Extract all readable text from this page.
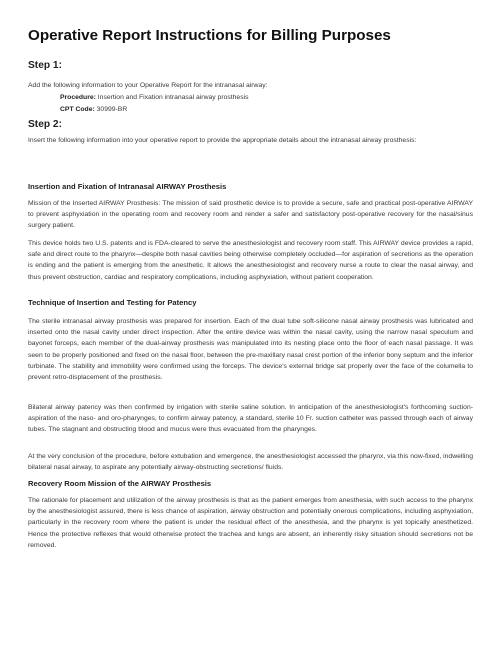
Operative Report Instructions for Billing Purposes
Step 1:
Add the following information to your Operative Report for the intranasal airway:
Procedure: Insertion and Fixation intranasal airway prosthesis
CPT Code: 30999-BR
Step 2:
Insert the following information into your operative report to provide the appropriate details about the intranasal airway prosthesis:
Insertion and Fixation of Intranasal AIRWAY Prosthesis
Mission of the Inserted AIRWAY Prosthesis: The mission of said prosthetic device is to provide a secure, safe and practical post-operative AIRWAY to prevent asphyxiation in the operating room and recovery room and render a safer and satisfactory post-operative recovery for the nasal/sinus surgery patient.
This device holds two U.S. patents and is FDA-cleared to serve the anesthesiologist and recovery room staff. This AIRWAY device provides a rapid, safe and direct route to the pharynx—despite both nasal cavities being otherwise completely occluded—for aspiration of secretions as the operation is ending and the patient is emerging from the anesthetic. It allows the anesthesiologist and recovery nurse a route to clear the nasal airway, and thus prevent obstruction, cardiac and respiratory complications, including asphyxiation, without patient cooperation.
Technique of Insertion and Testing for Patency
The sterile intranasal airway prosthesis was prepared for insertion. Each of the dual tube soft-silicone nasal airway prosthesis was lubricated and inserted onto the nasal cavity under direct inspection. After the entire device was within the nasal cavity, using the narrow nasal speculum and bayonet forceps, each member of the dual-airway prosthesis was manipulated into its nesting place onto the floor of each nasal passage. It was seen to be properly positioned and fixed on the nasal floor, between the pre-maxillary nasal crest portion of the inferior bony septum and the inferior turbinate. The stability and immobility were confirmed using the forceps. The device's external bridge sat properly over the face of the columella to prevent retro-displacement of the prosthesis.
Bilateral airway patency was then confirmed by irrigation with sterile saline solution. In anticipation of the anesthesiologist's forthcoming suction-aspiration of the naso- and oro-pharynges, to confirm airway patency, a standard, sterile 10 Fr. suction catheter was passed through each of airway tubes. The stagnant and obstructing blood and mucus were thus evacuated from the pharynges.
At the very conclusion of the procedure, before extubation and emergence, the anesthesiologist accessed the pharynx, via this now-fixed, indwelling bilateral nasal airway, to aspirate any potentially airway-obstructing secretions/ fluids.
Recovery Room Mission of the AIRWAY Prosthesis
The rationale for placement and utilization of the airway prosthesis is that as the patient emerges from anesthesia, with such access to the pharynx by the anesthesiologist assured, there is less chance of aspiration, airway obstruction and potentially onerous complications, including asphyxiation, particularly in the recovery room where the patient is under the residual effect of the anesthesia, and the pharynx is yet topically anesthetized. Hence the protective reflexes that would otherwise protect the trachea and lungs are absent, an inherently risky situation should secretions not be removed.
